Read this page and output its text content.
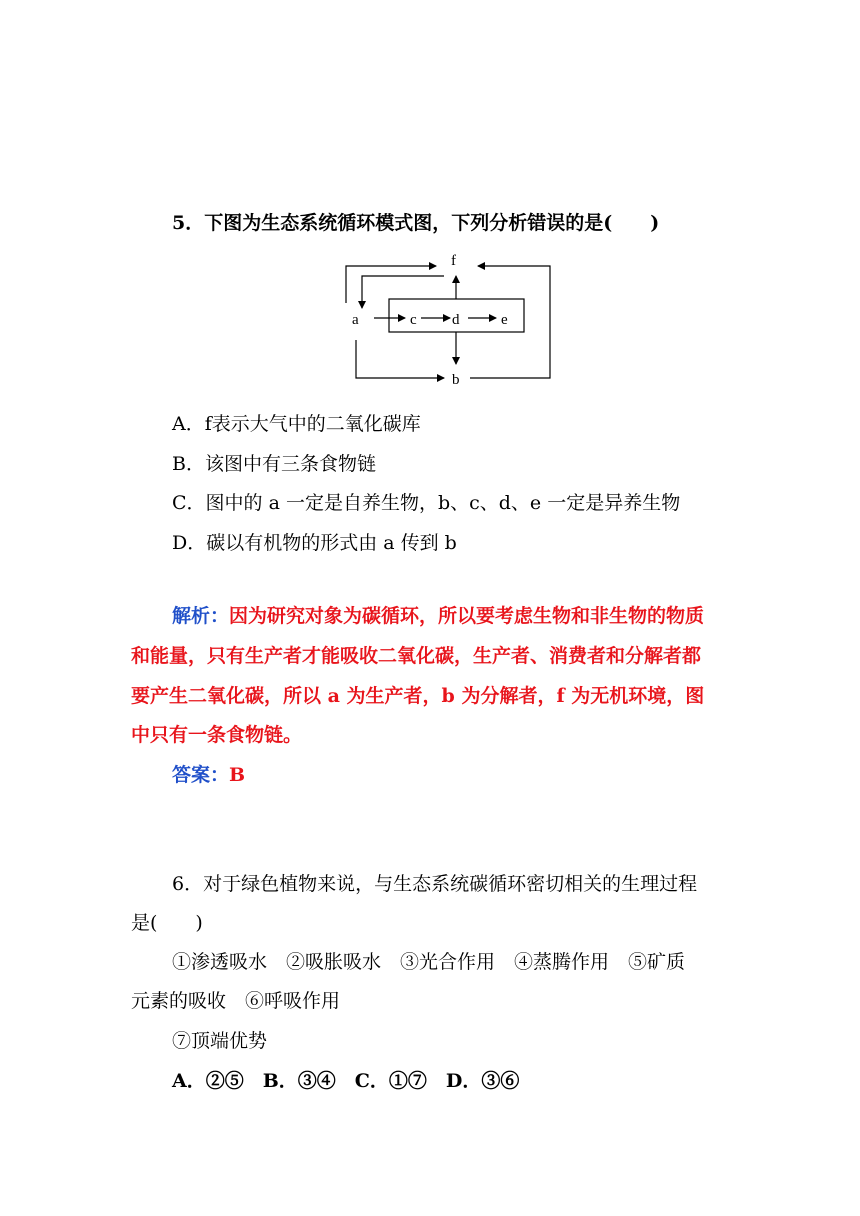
5．下图为生态系统循环模式图，下列分析错误的是(　　)
f
a	c d	e
b
A．f表示大气中的二氧化碳库
B．该图中有三条食物链
C．图中的 a 一定是自养生物，b、c、d、e 一定是异养生物
D．碳以有机物的形式由 a 传到 b
解析：因为研究对象为碳循环，所以要考虑生物和非生物的物质
和能量，只有生产者才能吸收二氧化碳，生产者、消费者和分解者都
要产生二氧化碳，所以 a 为生产者，b 为分解者，f 为无机环境，图
中只有一条食物链。
答案：B
6．对于绿色植物来说，与生态系统碳循环密切相关的生理过程
是(　　)
①渗透吸水　②吸胀吸水　③光合作用　④蒸腾作用　⑤矿质
元素的吸收　⑥呼吸作用
⑦顶端优势
A．②⑤　B．③④　C．①⑦　D．③⑥
